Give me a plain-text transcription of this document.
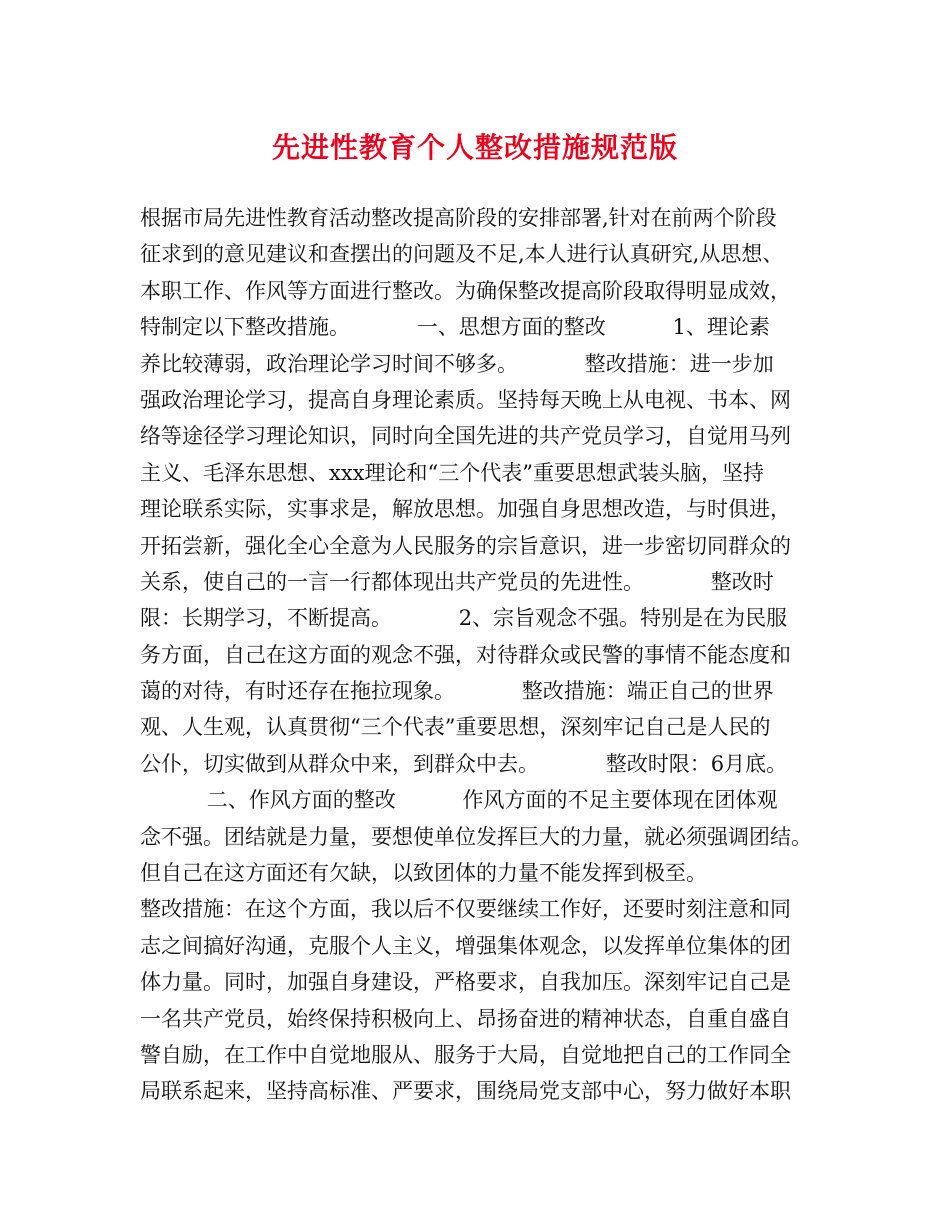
先进性教育个人整改措施规范版
根据市局先进性教育活动整改提高阶段的安排部署,针对在前两个阶段
征求到的意见建议和查摆出的问题及不足,本人进行认真研究,从思想、
本职工作、作风等方面进行整改。为确保整改提高阶段取得明显成效，
特制定以下整改措施。          一、思想方面的整改          1、理论素
养比较薄弱，政治理论学习时间不够多。          整改措施：进一步加
强政治理论学习，提高自身理论素质。坚持每天晚上从电视、书本、网
络等途径学习理论知识，同时向全国先进的共产党员学习，自觉用马列
主义、毛泽东思想、xxx理论和“三个代表”重要思想武装头脑，坚持
理论联系实际，实事求是，解放思想。加强自身思想改造，与时俱进，
开拓尝新，强化全心全意为人民服务的宗旨意识，进一步密切同群众的
关系，使自己的一言一行都体现出共产党员的先进性。          整改时
限：长期学习，不断提高。          2、宗旨观念不强。特别是在为民服
务方面，自己在这方面的观念不强，对待群众或民警的事情不能态度和
蔼的对待，有时还存在拖拉现象。          整改措施：端正自己的世界
观、人生观，认真贯彻“三个代表”重要思想，深刻牢记自己是人民的
公仆，切实做到从群众中来，到群众中去。          整改时限：6月底。
二、作风方面的整改          作风方面的不足主要体现在团体观
念不强。团结就是力量，要想使单位发挥巨大的力量，就必须强调团结。
但自己在这方面还有欠缺，以致团体的力量不能发挥到极至。
整改措施：在这个方面，我以后不仅要继续工作好，还要时刻注意和同
志之间搞好沟通，克服个人主义，增强集体观念，以发挥单位集体的团
体力量。同时，加强自身建设，严格要求，自我加压。深刻牢记自己是
一名共产党员，始终保持积极向上、昂扬奋进的精神状态，自重自盛自
警自励，在工作中自觉地服从、服务于大局，自觉地把自己的工作同全
局联系起来，坚持高标准、严要求，围绕局党支部中心，努力做好本职
